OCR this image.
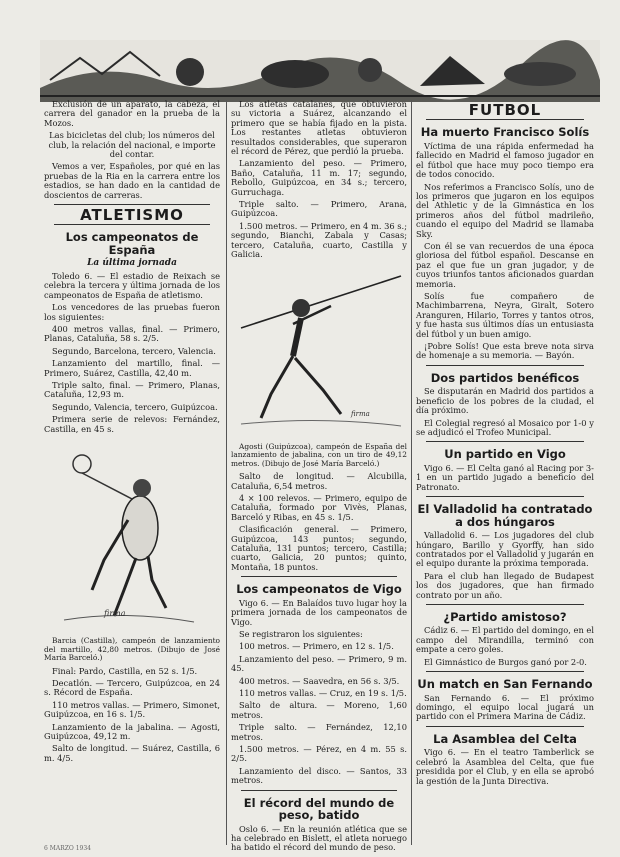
Exclusión de un aparato, la cabeza, el carrera del ganador en la prueba de la Mozos.

Las bicicletas del club; los números del club, la relación del nacional, e importe del contar.

Vemos a ver, Españoles, por qué en las pruebas de la Ria en la carrera entre los estadios, se han dado en la cantidad de doscientos de carreras.

ATLETISMO
Los campeonatos de España
La última jornada

Toledo 6. — El estadio de Reixach se celebra la tercera y última jornada de los campeonatos de España de atletismo.

Los vencedores de las pruebas fueron los siguientes:

400 metros vallas, final. — Primero, Planas, Cataluña, 58 s. 2/5.

Segundo, Barcelona, tercero, Valencia.

Lanzamiento del martillo, final. — Primero, Suárez, Castilla, 42,40 m.

Triple salto, final. — Primero, Planas, Cataluña, 12,93 m.

Segundo, Valencia, tercero, Guipúzcoa.

Primera serie de relevos: Fernández, Castilla, en 45 s.

firma

Barcia (Castilla), campeón de lanzamiento del martillo, 42,80 metros. (Dibujo de José María Barceló.)

Final: Pardo, Castilla, en 52 s. 1/5.

Decatlón. — Tercero, Guipúzcoa, en 24 s. Récord de España.

110 metros vallas. — Primero, Simonet, Guipúzcoa, en 16 s. 1/5.

Lanzamiento de la jabalina. — Agosti, Guipúzcoa, 49,12 m.

Salto de longitud. — Suárez, Castilla, 6 m. 4/5.

Los atletas catalanes, que obtuvieron su victoria a Suárez, alcanzando el primero que se había fijado en la pista. Los restantes atletas obtuvieron resultados considerables, que superaron el récord de Pérez, que perdió la prueba.

Lanzamiento del peso. — Primero, Baño, Cataluña, 11 m. 17; segundo, Rebollo, Guipúzcoa, en 34 s.; tercero, Gurruchaga.

Triple salto. — Primero, Arana, Guipúzcoa.

1.500 metros. — Primero, en 4 m. 36 s.; segundo, Bianchi, Zabala y Casas; tercero, Cataluña, cuarto, Castilla y Galicia.

firma

Agosti (Guipúzcoa), campeón de España del lanzamiento de jabalina, con un tiro de 49,12 metros. (Dibujo de José María Barceló.)

Salto de longitud. — Alcubilla, Cataluña, 6,54 metros.

4 × 100 relevos. — Primero, equipo de Cataluña, formado por Vivès, Planas, Barceló y Ribas, en 45 s. 1/5.

Clasificación general. — Primero, Guipúzcoa, 143 puntos; segundo, Cataluña, 131 puntos; tercero, Castilla; cuarto, Galicia, 20 puntos; quinto, Montaña, 18 puntos.

Los campeonatos de Vigo

Vigo 6. — En Balaídos tuvo lugar hoy la primera jornada de los campeonatos de Vigo.

Se registraron los siguientes:

100 metros. — Primero, en 12 s. 1/5.

Lanzamiento del peso. — Primero, 9 m. 45.

400 metros. — Saavedra, en 56 s. 3/5.

110 metros vallas. — Cruz, en 19 s. 1/5.

Salto de altura. — Moreno, 1,60 metros.

Triple salto. — Fernández, 12,10 metros.

1.500 metros. — Pérez, en 4 m. 55 s. 2/5.

Lanzamiento del disco. — Santos, 33 metros.

El récord del mundo de peso, batido

Oslo 6. — En la reunión atlética que se ha celebrado en Bislett, el atleta noruego ha batido el récord del mundo de peso.

FUTBOL
Ha muerto Francisco Solís

Víctima de una rápida enfermedad ha fallecido en Madrid el famoso jugador en el fútbol que hace muy poco tiempo era de todos conocido.

Nos referimos a Francisco Solís, uno de los primeros que jugaron en los equipos del Athletic y de la Gimnástica en los primeros años del fútbol madrileño, cuando el equipo del Madrid se llamaba Sky.

Con él se van recuerdos de una época gloriosa del fútbol español. Descanse en paz el que fue un gran jugador, y de cuyos triunfos tantos aficionados guardan memoria.

Solís fue compañero de Machimbarrena, Neyra, Giralt, Sotero Aranguren, Hilario, Torres y tantos otros, y fue hasta sus últimos días un entusiasta del fútbol y un buen amigo.

¡Pobre Solís! Que esta breve nota sirva de homenaje a su memoria. — Bayón.

Dos partidos benéficos

Se disputarán en Madrid dos partidos a beneficio de los pobres de la ciudad, el día próximo.

El Colegial regresó al Mosaico por 1-0 y se adjudicó el Trofeo Municipal.

Un partido en Vigo

Vigo 6. — El Celta ganó al Racing por 3-1 en un partido jugado a beneficio del Patronato.

El Valladolid ha contratado a dos húngaros

Valladolid 6. — Los jugadores del club húngaro, Barillo y Gyorffy, han sido contratados por el Valladolid y jugarán en el equipo durante la próxima temporada.

Para el club han llegado de Budapest los dos jugadores, que han firmado contrato por un año.

¿Partido amistoso?

Cádiz 6. — El partido del domingo, en el campo del Mirandilla, terminó con empate a cero goles.

El Gimnástico de Burgos ganó por 2-0.

Un match en San Fernando

San Fernando 6. — El próximo domingo, el equipo local jugará un partido con el Primera Marina de Cádiz.

La Asamblea del Celta

Vigo 6. — En el teatro Tamberlick se celebró la Asamblea del Celta, que fue presidida por el Club, y en ella se aprobó la gestión de la Junta Directiva.

6 MARZO 1934
